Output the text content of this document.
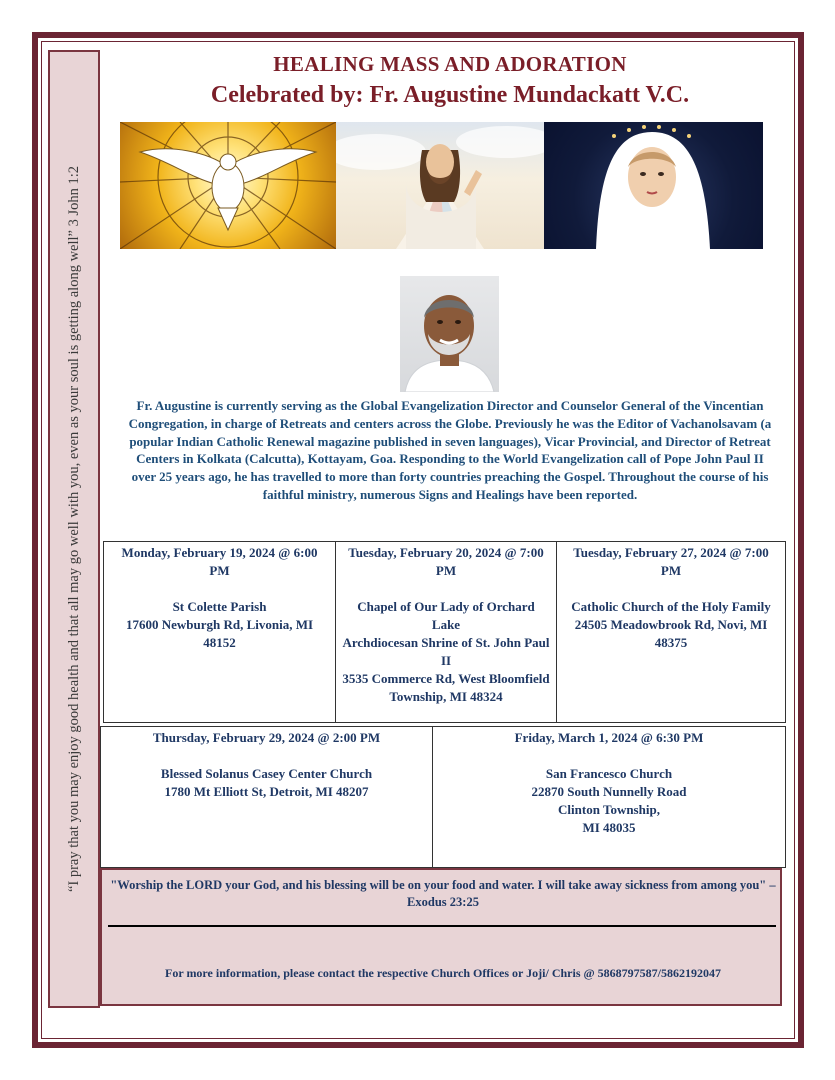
“I pray that you may enjoy good health and that all may go well with you, even as your soul is getting along well” 3 John 1:2
HEALING MASS AND ADORATION
Celebrated by: Fr. Augustine Mundackatt V.C.

Fr. Augustine is currently serving as the Global Evangelization Director and Counselor General of the Vincentian Congregation, in charge of Retreats and centers across the Globe. Previously he was the Editor of Vachanolsavam (a popular Indian Catholic Renewal magazine published in seven languages), Vicar Provincial, and Director of Retreat Centers in Kolkata (Calcutta), Kottayam, Goa. Responding to the World Evangelization call of Pope John Paul II over 25 years ago, he has travelled to more than forty countries preaching the Gospel. Throughout the course of his faithful ministry, numerous Signs and Healings have been reported.

Monday, February 19, 2024 @ 6:00 PM
St Colette Parish
17600 Newburgh Rd, Livonia, MI 48152
Tuesday, February 20, 2024 @ 7:00 PM
Chapel of Our Lady of Orchard Lake
Archdiocesan Shrine of St. John Paul II
3535 Commerce Rd, West Bloomfield Township, MI 48324
Tuesday, February 27, 2024 @ 7:00 PM
Catholic Church of the Holy Family
24505 Meadowbrook Rd, Novi, MI 48375
Thursday, February 29, 2024 @ 2:00 PM
Blessed Solanus Casey Center Church
1780 Mt Elliott St, Detroit, MI 48207
Friday, March 1, 2024 @ 6:30 PM
San Francesco Church
22870 South Nunnelly Road
Clinton Township,
MI 48035

"Worship the LORD your God, and his blessing will be on your food and water. I will take away sickness from among you" – Exodus 23:25

For more information, please contact the respective Church Offices or Joji/ Chris @ 5868797587/5862192047
